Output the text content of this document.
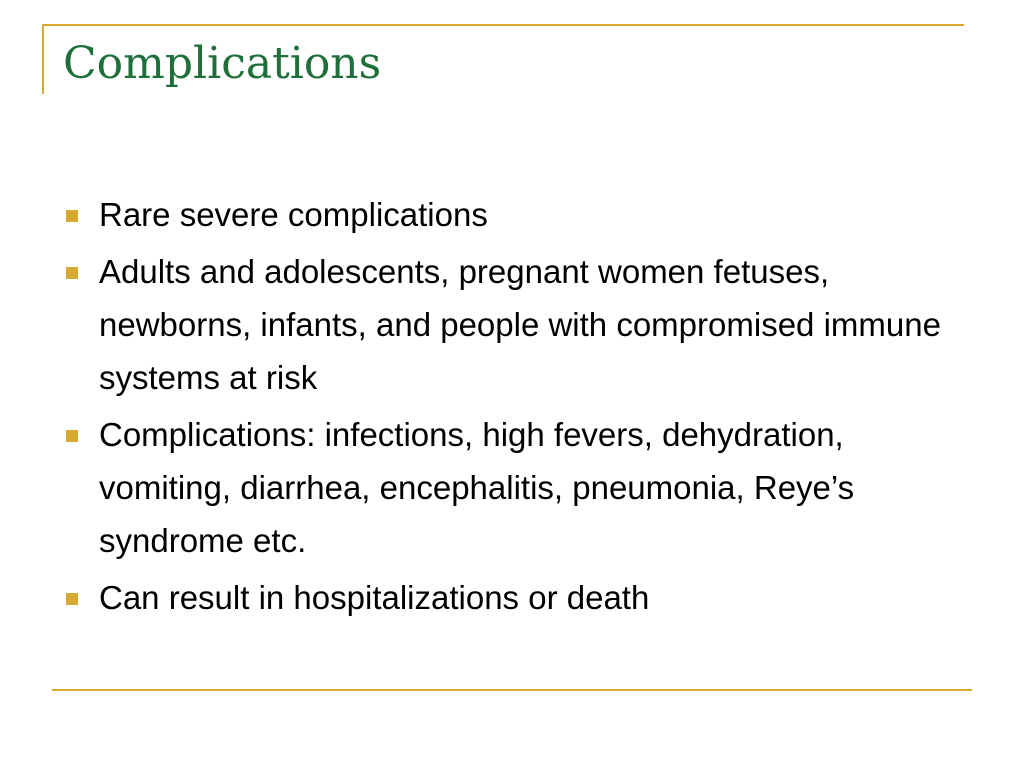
Complications
Rare severe complications
Adults and adolescents, pregnant women fetuses, newborns, infants, and people with compromised immune systems at risk
Complications: infections, high fevers, dehydration, vomiting, diarrhea, encephalitis, pneumonia, Reye’s syndrome etc.
Can result in hospitalizations or death
